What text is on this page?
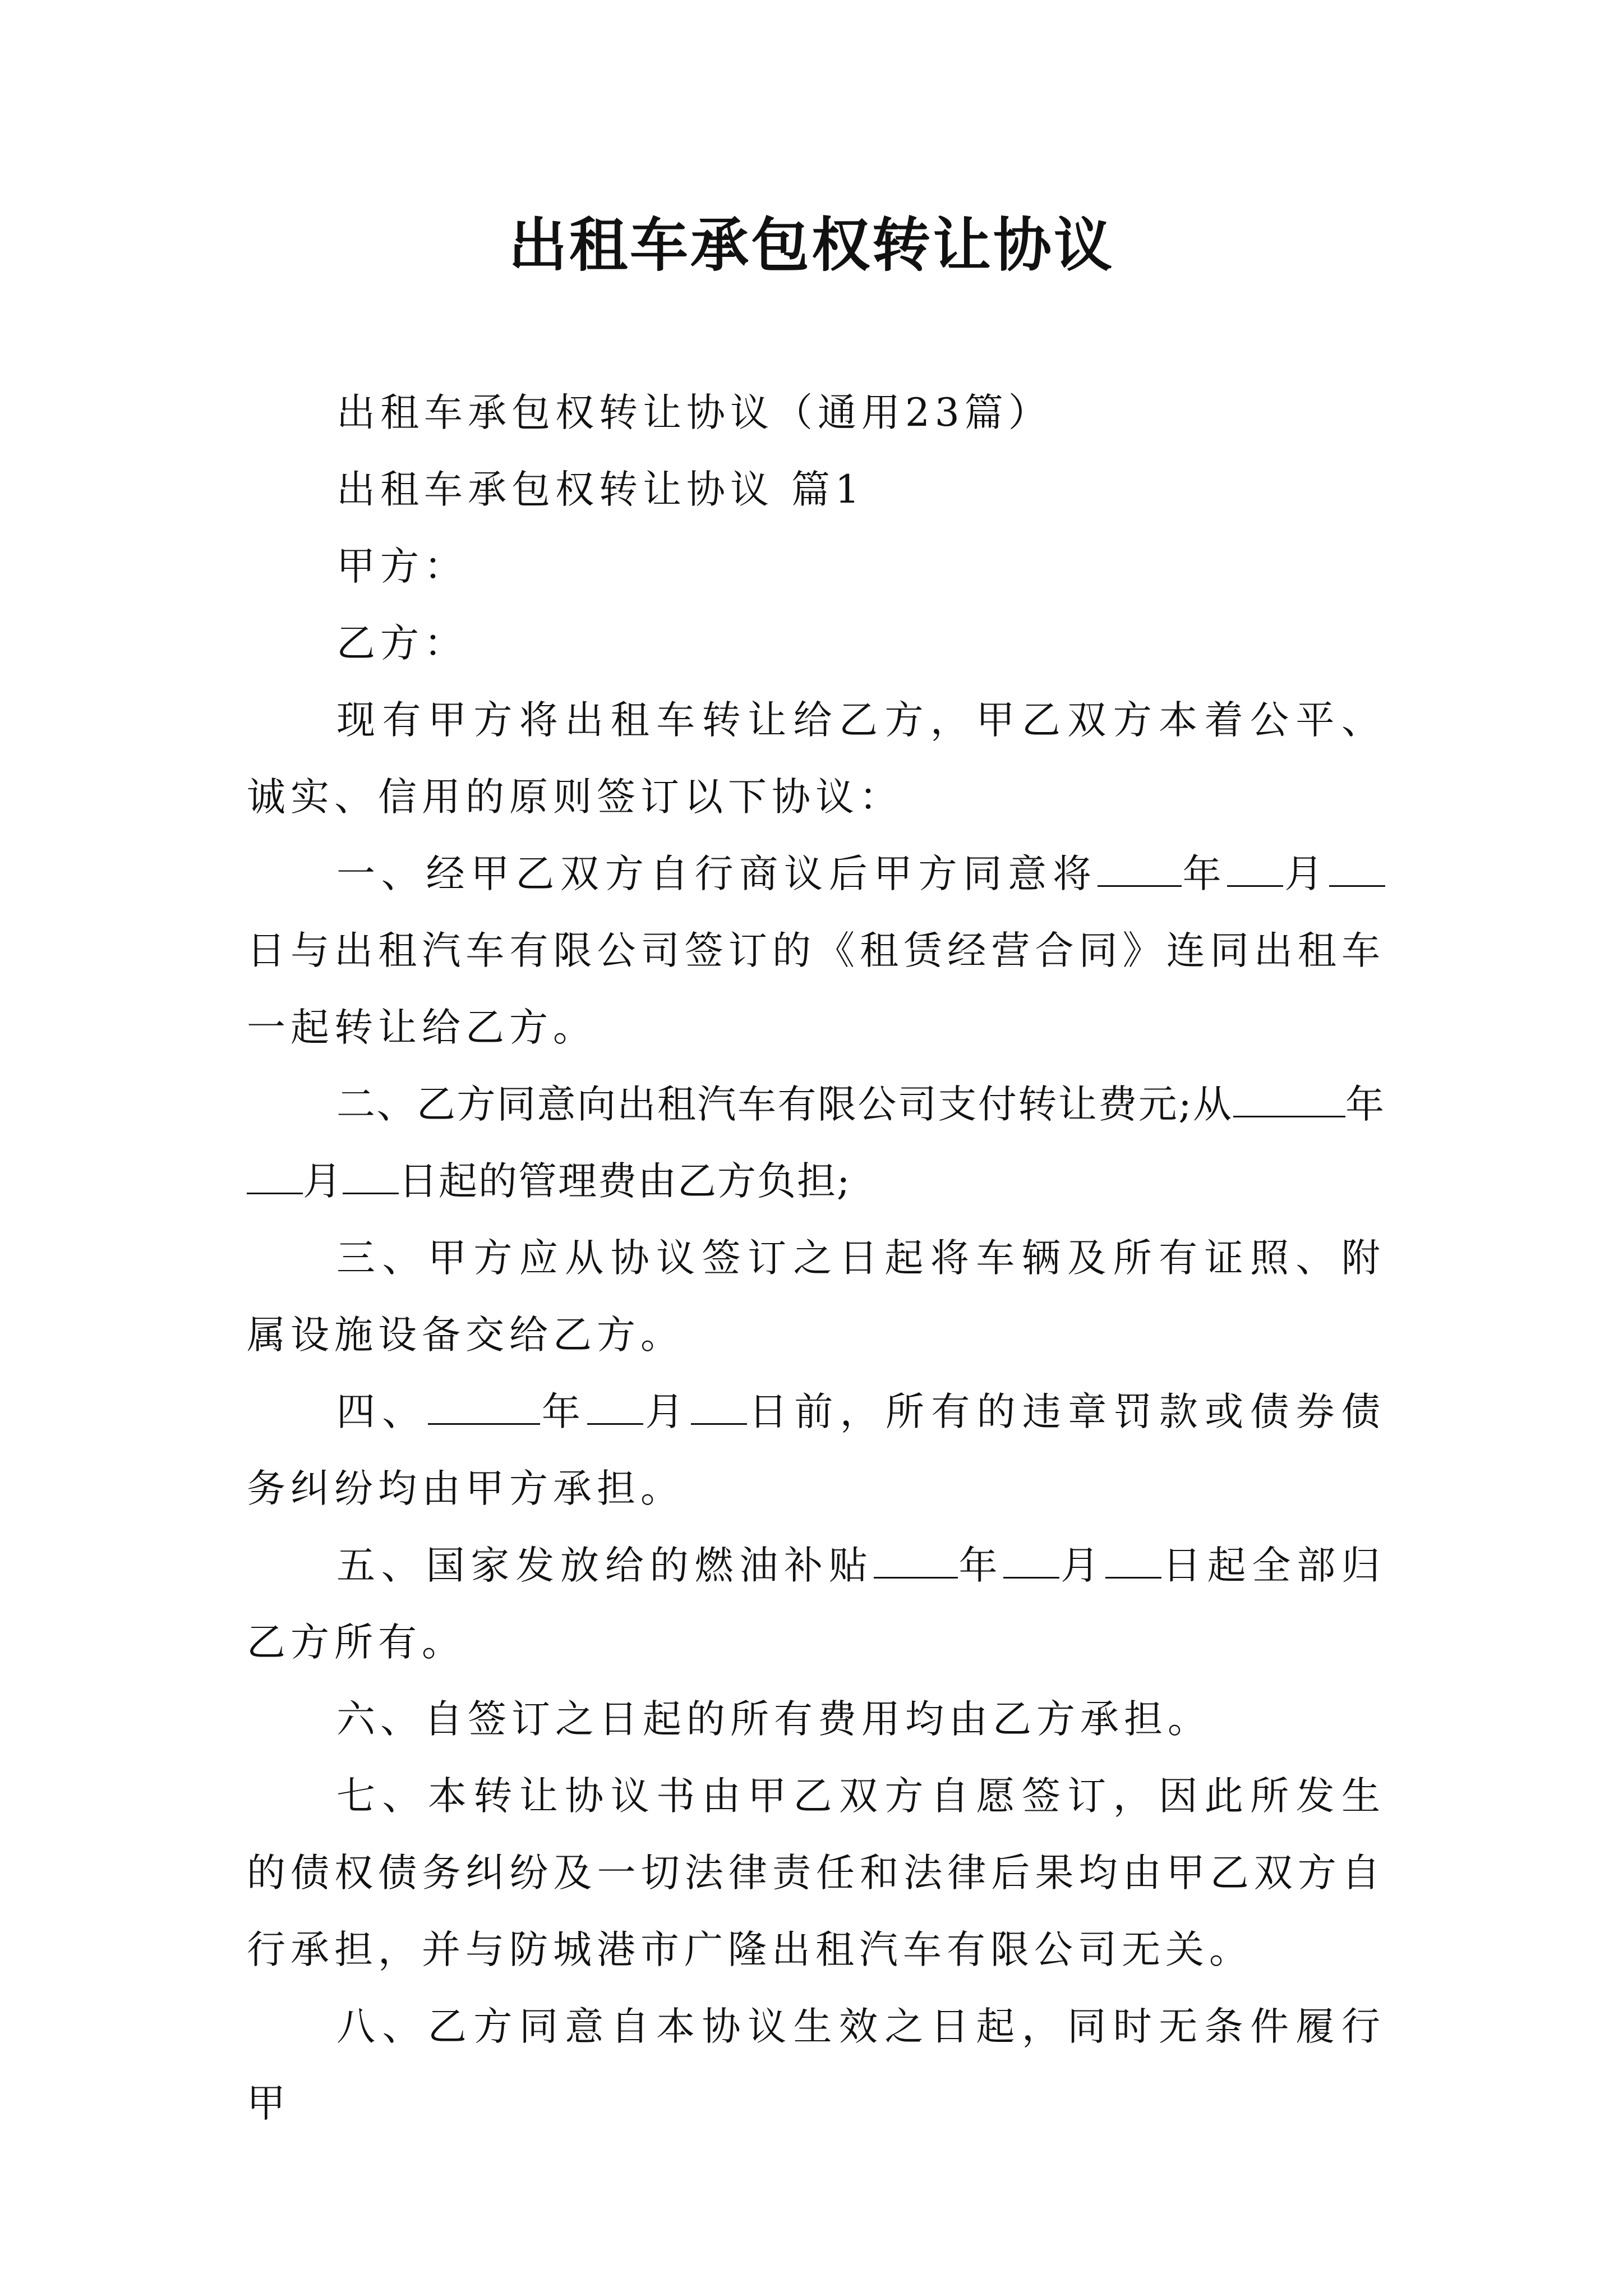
出租车承包权转让协议

出租车承包权转让协议（通用23篇）

出租车承包权转让协议 篇1

甲方：

乙方：

现有甲方将出租车转让给乙方，甲乙双方本着公平、诚实、信用的原则签订以下协议：

一、经甲乙双方自行商议后甲方同意将 年 月日与出租汽车有限公司签订的《租赁经营合同》连同出租车一起转让给乙方。

二、乙方同意向出租汽车有限公司支付转让费元;从	年月 日起的管理费由乙方负担;

三、甲方应从协议签订之日起将车辆及所有证照、附属设施设备交给乙方。

四、	年 月 日前，所有的违章罚款或债券债务纠纷均由甲方承担。

五、国家发放给的燃油补贴 年 月 日起全部归乙方所有。

六、自签订之日起的所有费用均由乙方承担。

七、本转让协议书由甲乙双方自愿签订，因此所发生的债权债务纠纷及一切法律责任和法律后果均由甲乙双方自行承担，并与防城港市广隆出租汽车有限公司无关。

八、乙方同意自本协议生效之日起，同时无条件履行甲
